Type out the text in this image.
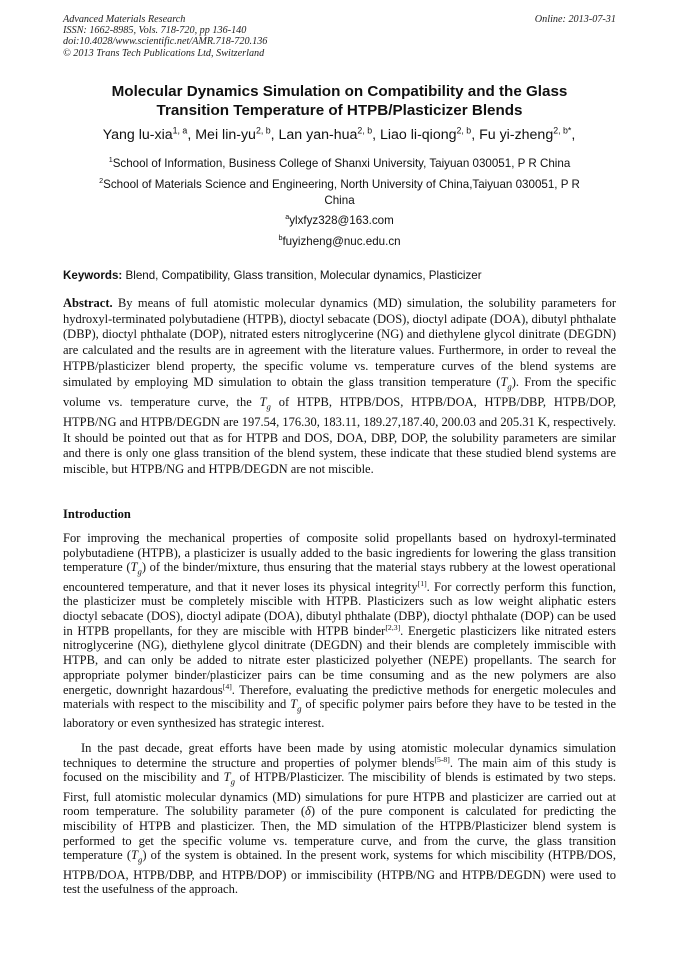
Advanced Materials Research
ISSN: 1662-8985, Vols. 718-720, pp 136-140
doi:10.4028/www.scientific.net/AMR.718-720.136
© 2013 Trans Tech Publications Ltd, Switzerland
Online: 2013-07-31
Molecular Dynamics Simulation on Compatibility and the Glass
Transition Temperature of HTPB/Plasticizer Blends
Yang lu-xia$^{1, a}$, Mei lin-yu$^{2, b}$, Lan yan-hua$^{2, b}$, Liao li-qiong$^{2, b}$, Fu yi-zheng$^{2, b*}$,
$^1$School of Information, Business College of Shanxi University, Taiyuan 030051, P R China
$^2$School of Materials Science and Engineering, North University of China,Taiyuan 030051, P R
China
$^a$ylxfyz328@163.com
$^b$fuyizheng@nuc.edu.cn
Keywords: Blend, Compatibility, Glass transition, Molecular dynamics, Plasticizer
Abstract. By means of full atomistic molecular dynamics (MD) simulation, the solubility parameters for hydroxyl-terminated polybutadiene (HTPB), dioctyl sebacate (DOS), dioctyl adipate (DOA), dibutyl phthalate (DBP), dioctyl phthalate (DOP), nitrated esters nitroglycerine (NG) and diethylene glycol dinitrate (DEGDN) are calculated and the results are in agreement with the literature values. Furthermore, in order to reveal the HTPB/plasticizer blend property, the specific volume vs. temperature curves of the blend systems are simulated by employing MD simulation to obtain the glass transition temperature $(T_g)$. From the specific volume vs. temperature curve, the $T_g$ of HTPB, HTPB/DOS, HTPB/DOA, HTPB/DBP, HTPB/DOP, HTPB/NG and HTPB/DEGDN are 197.54, 176.30, 183.11, 189.27,187.40, 200.03 and 205.31 K, respectively. It should be pointed out that as for HTPB and DOS, DOA, DBP, DOP, the solubility parameters are similar and there is only one glass transition of the blend system, these indicate that these studied blend systems are miscible, but HTPB/NG and HTPB/DEGDN are not miscible.
Introduction
For improving the mechanical properties of composite solid propellants based on hydroxyl-terminated polybutadiene (HTPB), a plasticizer is usually added to the basic ingredients for lowering the glass transition temperature $(T_g)$ of the binder/mixture, thus ensuring that the material stays rubbery at the lowest operational encountered temperature, and that it never loses its physical integrity[1]. For correctly perform this function, the plasticizer must be completely miscible with HTPB. Plasticizers such as low weight aliphatic esters dioctyl sebacate (DOS), dioctyl adipate (DOA), dibutyl phthalate (DBP), dioctyl phthalate (DOP) can be used in HTPB propellants, for they are miscible with HTPB binder[2,3]. Energetic plasticizers like nitrated esters nitroglycerine (NG), diethylene glycol dinitrate (DEGDN) and their blends are completely immiscible with HTPB, and can only be added to nitrate ester plasticized polyether (NEPE) propellants. The search for appropriate polymer binder/plasticizer pairs can be time consuming and as the new polymers are also energetic, downright hazardous[4]. Therefore, evaluating the predictive methods for energetic molecules and materials with respect to the miscibility and $T_g$ of specific polymer pairs before they have to be tested in the laboratory or even synthesized has strategic interest.
In the past decade, great efforts have been made by using atomistic molecular dynamics simulation techniques to determine the structure and properties of polymer blends[5-8]. The main aim of this study is focused on the miscibility and $T_g$ of HTPB/Plasticizer. The miscibility of blends is estimated by two steps. First, full atomistic molecular dynamics (MD) simulations for pure HTPB and plasticizer are carried out at room temperature. The solubility parameter (δ) of the pure component is calculated for predicting the miscibility of HTPB and plasticizer. Then, the MD simulation of the HTPB/Plasticizer blend system is performed to get the specific volume vs. temperature curve, and from the curve, the glass transition temperature $(T_g)$ of the system is obtained. In the present work, systems for which miscibility (HTPB/DOS, HTPB/DOA, HTPB/DBP, and HTPB/DOP) or immiscibility (HTPB/NG and HTPB/DEGDN) were used to test the usefulness of the approach.
